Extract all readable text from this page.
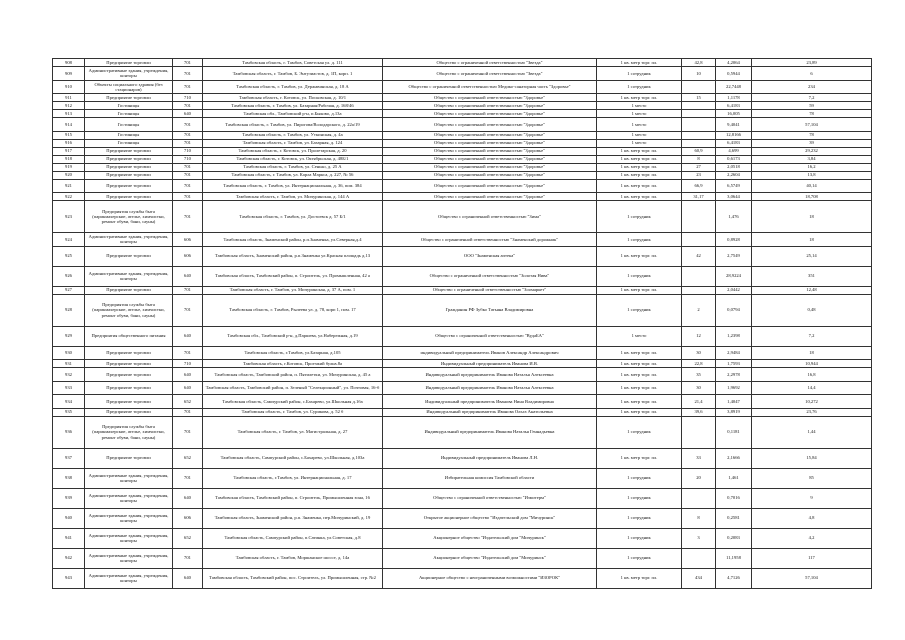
908	Предприятие торговли	701	Тамбовская область, г. Тамбов, Советская ул. д. 111	Общество с ограниченной ответственностью "Звезда"	1 кв. метр торг. пл.	42,8	4,2064	23,89
909	Административные здания, учреждения, конторы	701	Тамбовская область, г. Тамбов, Б. Энтузиастов, д. 1П, корп. 1	Общество с ограниченной ответственностью "Звезда"	1 сотрудник	10	0,5944	6
910	Объекты социального здравия (без стационаров)	701	Тамбовская область, г. Тамбов, ул. Державинская, д. 18 А	Общество с ограниченной ответственностью Медико-санаторная часть "Здоровье"	1 сотрудник		22,7448	234
911	Предприятие торговли	710	Тамбовская область, г. Котовск, ул. Посковская, д. 10/1	Общество с ограниченной ответственностью "Здоровье"	1 кв. метр торг. пл.	15	1,1178	7,2
912	Гостиницы	701	Тамбовская область, г. Тамбов, ул. Базарная/Рабочая, д. 168/46	Общество с ограниченной ответственностью "Здоровье"	1 место		6,4183	59
913	Гостиницы	640	Тамбовская обл., Тамбовский р-н, п.Быково, д.13а	Общество с ограниченной ответственностью "Здоровье"	1 место		16,005	78
914	Гостиницы	701	Тамбовская область, г. Тамбов, ул. Пирогова/Володарского, д. 22а/19	Общество с ограниченной ответственностью "Здоровье"	1 место		9,4041	57,104
915	Гостиницы	701	Тамбовская область, г. Тамбов, ул. Уткинская, д. 4а	Общество с ограниченной ответственностью "Здоровье"	1 место		12,8166	78
916	Гостиницы	701	Тамбовская область, г. Тамбов, ул. Базарная, д. 124	Общество с ограниченной ответственностью "Здоровье"	1 место		6,4183	39
917	Предприятие торговли	710	Тамбовская область, г. Котовск, ул. Пролетарская, д. 20	Общество с ограниченной ответственностью "Здоровье"	1 кв. метр торг. пл.	60,9	4,699	29,232
918	Предприятие торговли	710	Тамбовская область, г. Котовск, ул. Октябрьская, д. 48Б/1	Общество с ограниченной ответственностью "Здоровье"	1 кв. метр торг. пл.	8	0,6173	3,84
919	Предприятие торговли	701	Тамбовская область, г. Тамбов, ул. Сенько, д. 25 А	Общество с ограниченной ответственностью "Здоровье"	1 кв. метр торг. пл.	27	2,0518	16,2
920	Предприятие торговли	701	Тамбовская область, г. Тамбов, ул. Карла Маркса, д. 227, № 56	Общество с ограниченной ответственностью "Здоровье"	1 кв. метр торг. пл.	23	2,2604	13,8
921	Предприятие торговли	701	Тамбовская область, г. Тамбов, ул. Интернациональная, д. 36, пом. 384	Общество с ограниченной ответственностью "Здоровье"	1 кв. метр торг. пл.	66,9	6,5749	40,14
922	Предприятие торговли	701	Тамбовская область, г. Тамбов, ул. Мичуринская, д. 144 А	Общество с ограниченной ответственностью "Здоровье"	1 кв. метр торг. пл.	31,17	3,0644	18,708
923	Предприятия службы быта (парикмахерские, ателье, химчистки, ремонт обуви, бани, сауны)	701	Тамбовская область, г. Тамбов, ул. Достоевск д. 57 Б/1	Общество с ограниченной ответственностью "Зима"	1 сотрудник		1,476	18
924	Административные здания, учреждения, конторы	606	Тамбовская область, Знаменский район, р.п.Знаменка, ул.Северная,д.4	Общество с ограниченной ответственностью "Знаменский дорожник"	1 сотрудник		0,8928	18
925	Предприятие торговли	606	Тамбовская область, Знаменский район, р.п.Знаменка ул.Красная площадь д.13	ООО "Знаменская аптека"	1 кв. метр торг. пл.	42	2,7549	25,14
926	Административные здания, учреждения, конторы	640	Тамбовская область, Тамбовский район, п. Строитель, ул. Промышленная, 42 а	Общество с ограниченной ответственностью "Золотая Нива"	1 сотрудник		28,9224	351
927	Предприятие торговли	701	Тамбовская область, г. Тамбов, ул. Мичуринская, д. 37 А, пом. 1	Общество с ограниченной ответственностью "Зоомаркет"	1 кв. метр торг. пл.		2,0442	12,48
928	Предприятия службы быта (парикмахерские, ателье, химчистки, ремонт обуви, бани, сауны)	701	Тамбовская область, г. Тамбов, Рылеева ул. д. 78, корп 1, пом. 17	Гражданин РФ Зубко Татьяна Владимировна	1 сотрудник	2	0,0794	0,48
929	Предприятия общественного питания	640	Тамбовская обл., Тамбовский р-н, д.Паршева, ул.Набережная, д.19	Общество с ограниченной ответственностью "ВудаБА"	1 место	12	1,2398	7,2
930	Предприятие торговли	701	Тамбовская область, г.Тамбов, ул.Базарная, д.105	индивидуальный предприниматель Иванов Александр Александрович	1 кв. метр торг. пл.	30	2,9484	18
931	Предприятие торговли	710	Тамбовская область, г.Котовск, Проезжий бульв.8а	Индивидуальный предприниматель Иванова И.В.	1 кв. метр торг. пл.	22,8	1,7593	10,944
932	Предприятие торговли	640	Тамбовская область, Тамбовский район, п. Пятилетки, ул. Мичуринская, д. 45 а	Индивидуальный предприниматель Иванова Наталья Алексеевна	1 кв. метр торг. пл.	35	2,2978	16,8
933	Предприятие торговли	640	Тамбовская область, Тамбовский район, п. Зеленый "Селекционный", ул. Почтовая, 16-б	Индивидуальный предприниматель Иванова Наталья Алексеевна	1 кв. метр торг. пл.	30	1,9692	14,4
934	Предприятие торговли	652	Тамбовская область, Сампурский район, с.Бахарево, ул.Школьная д.1ба	Индивидуальный предприниматель Иванова Нина Владимировна	1 кв. метр торг. пл.	21,4	1,4047	10,272
935	Предприятие торговли	701	Тамбовская область, г. Тамбов, ул. Сурикова, д. 52 б	Индивидуальный предприниматель Иванова Ольга Анатольевна	1 кв. метр торг. пл.	39,6	3,8919	23,76
936	Предприятия службы быта (парикмахерские, ателье, химчистки, ремонт обуви, бани, сауны)	701	Тамбовская область, г. Тамбов, ул. Магистральная, д. 27	Индивидуальный предприниматель Иванова Наталья Геннадьевна	1 сотрудник		0,1181	1,44
937	Предприятие торговли	652	Тамбовская область, Сампурский район, с.Бахарево, ул.Школьная, д.103а	Индивидуальный предприниматель Иванова Л.Н.	1 кв. метр торг. пл.	33	2,1666	15,84
938	Административные здания, учреждения, конторы	701	Тамбовская область, г.Тамбов, ул. Интернациональная, д. 17	Избирательная комиссия Тамбовской области	1 сотрудник	20	1,461	85
939	Административные здания, учреждения, конторы	640	Тамбовская область, Тамбовский район, п. Строитель, Промышленная зона, 16	Общество с ограниченной ответственностью "Измотерм"	1 сотрудник		0,7016	9
940	Административные здания, учреждения, конторы	606	Тамбовская область, Знаменский район, р.п. Знаменка, пер.Мичуринский, д. 19	Открытое акционерное общество "Издательский дом "Мичуринск"	1 сотрудник	8	0,2581	4,8
941	Административные здания, учреждения, конторы	652	Тамбовская область, Сампурский район, п.Сатинка, ул.Советская, д.8	Акционерное общество "Издательский дом "Мичуринск"	1 сотрудник	3	0,2083	4,2
942	Административные здания, учреждения, конторы	701	Тамбовская область, г. Тамбов, Моршанское шоссе, д. 14а	Акционерное общество "Издательский дом "Мичуринск"	1 сотрудник		11,1958	117
943	Административные здания, учреждения, конторы	640	Тамбовская область, Тамбовский район, пос. Строитель, ул. Промышленная, стр. №2	Акционерное общество с неограниченными возможностями "ИЗОРОК"	1 кв. метр торг. пл.	434	4,7126	57,104
